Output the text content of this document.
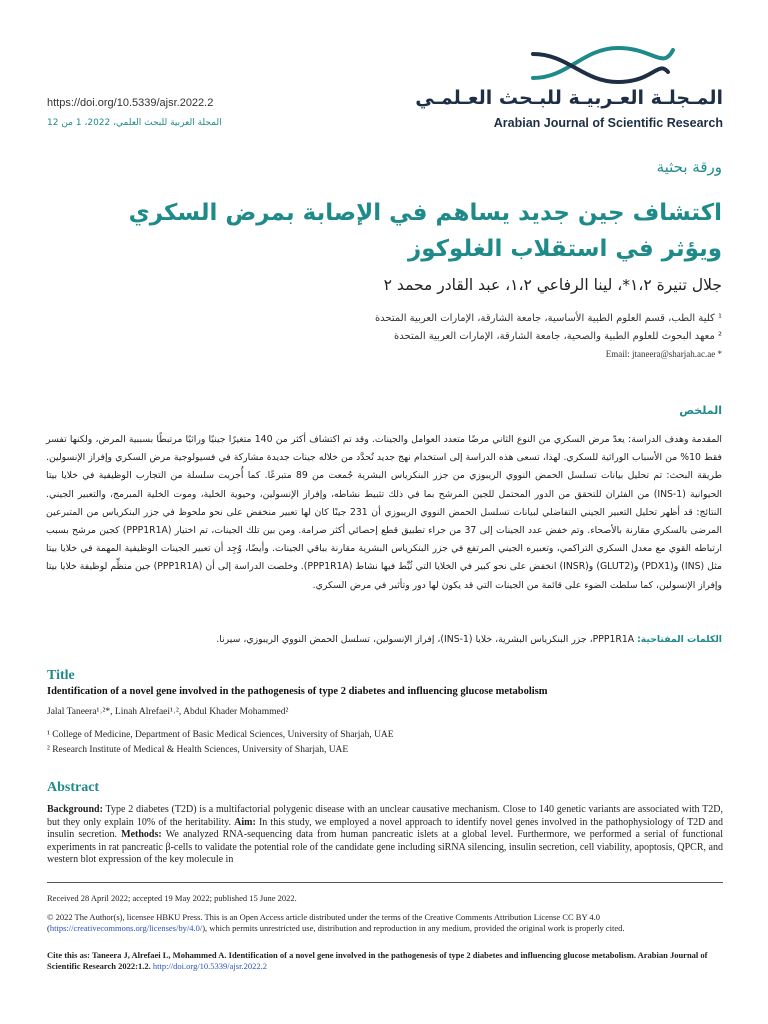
https://doi.org/10.5339/ajsr.2022.2
المجلة العربية للبحث العلمي، 2022، 1 من 12
المـجلـة العـربيـة للبـحث العـلمـي
Arabian Journal of Scientific Research
ورقة بحثية
اكتشاف جين جديد يساهم في الإصابة بمرض السكري
ويؤثر في استقلاب الغلوكوز
جلال تنيرة ١،٢*، لينا الرفاعي ١،٢، عبد القادر محمد ٢
¹ كلية الطب، قسم العلوم الطبية الأساسية، جامعة الشارقة، الإمارات العربية المتحدة
² معهد البحوث للعلوم الطبية والصحية، جامعة الشارقة، الإمارات العربية المتحدة
Email: jtaneera@sharjah.ac.ae *
الملخص
المقدمة وهدف الدراسة: يعدّ مرض السكري من النوع الثاني مرضًا متعدد العوامل والجينات. وقد تم اكتشاف أكثر من 140 متغيرًا جينيًا وراثيًا مرتبطًا بسببية المرض، ولكنها تفسر فقط 10% من الأسباب الوراثية للسكري. لهذا، تسعى هذه الدراسة إلى استخدام نهج جديد تُحدَّد من خلاله جينات جديدة مشاركة في فسيولوجية مرض السكري وإفراز الإنسولين. طريقة البحث: تم تحليل بيانات تسلسل الحمض النووي الريبوزي من جزر البنكرياس البشرية جُمعت من 89 متبرعًا. كما أُجريت سلسلة من التجارب الوظيفية في خلايا بيتا الحيوانية (INS-1) من الفئران للتحقق من الدور المحتمل للجين المرشح بما في ذلك تثبيط نشاطه، وإفراز الإنسولين، وحيوية الخلية، وموت الخلية المبرمج، والتعبير الجيني. النتائج: قد أظهر تحليل التعبير الجيني التفاضلي لبيانات تسلسل الحمض النووي الريبوزي أن 231 جينًا كان لها تعبير منخفض على نحو ملحوظ في جزر البنكرياس من المتبرعين المرضى بالسكري مقارنة بالأصحاء. وتم خفض عدد الجينات إلى 37 من جراء تطبيق قطع إحصائي أكثر صرامة. ومن بين تلك الجينات، تم اختيار (PPP1R1A) كجين مرشح بسبب ارتباطه القوي مع معدل السكري التراكمي، وتعبيره الجيني المرتفع في جزر البنكرياس البشرية مقارنة بباقي الجينات. وأيضًا، وُجِد أن تعبير الجينات الوظيفية المهمة في خلايا بيتا مثل (INS) و(PDX1) و(GLUT2) و(INSR) انخفض على نحو كبير في الخلايا التي ثُبِّط فيها نشاط (PPP1R1A). وخلصت الدراسة إلى أن (PPP1R1A) جين منظِّم لوظيفة خلايا بيتا وإفراز الإنسولين، كما سلطت الضوء على قائمة من الجينات التي قد يكون لها دور وتأثير في مرض السكري.
الكلمات المفتاحية: PPP1R1A، جزر البنكرياس البشرية، خلايا (INS-1)، إفراز الإنسولين، تسلسل الحمض النووي الريبوزي، سيرنا.
Title
Identification of a novel gene involved in the pathogenesis of type 2 diabetes and influencing glucose metabolism
Jalal Taneera¹˒²*, Linah Alrefaei¹˒², Abdul Khader Mohammed²
¹ College of Medicine, Department of Basic Medical Sciences, University of Sharjah, UAE
² Research Institute of Medical & Health Sciences, University of Sharjah, UAE
Abstract
Background: Type 2 diabetes (T2D) is a multifactorial polygenic disease with an unclear causative mechanism. Close to 140 genetic variants are associated with T2D, but they only explain 10% of the heritability. Aim: In this study, we employed a novel approach to identify novel genes involved in the pathophysiology of T2D and insulin secretion. Methods: We analyzed RNA-sequencing data from human pancreatic islets at a global level. Furthermore, we performed a serial of functional experiments in rat pancreatic β-cells to validate the potential role of the candidate gene including siRNA silencing, insulin secretion, cell viability, apoptosis, QPCR, and western blot expression of the key molecule in
Received 28 April 2022; accepted 19 May 2022; published 15 June 2022.
© 2022 The Author(s), licensee HBKU Press. This is an Open Access article distributed under the terms of the Creative Comments Attribution License CC BY 4.0 (https://creativecommons.org/licenses/by/4.0/), which permits unrestricted use, distribution and reproduction in any medium, provided the original work is properly cited.
Cite this as: Taneera J, Alrefaei L, Mohammed A. Identification of a novel gene involved in the pathogenesis of type 2 diabetes and influencing glucose metabolism. Arabian Journal of Scientific Research 2022:1.2. http://doi.org/10.5339/ajsr.2022.2
